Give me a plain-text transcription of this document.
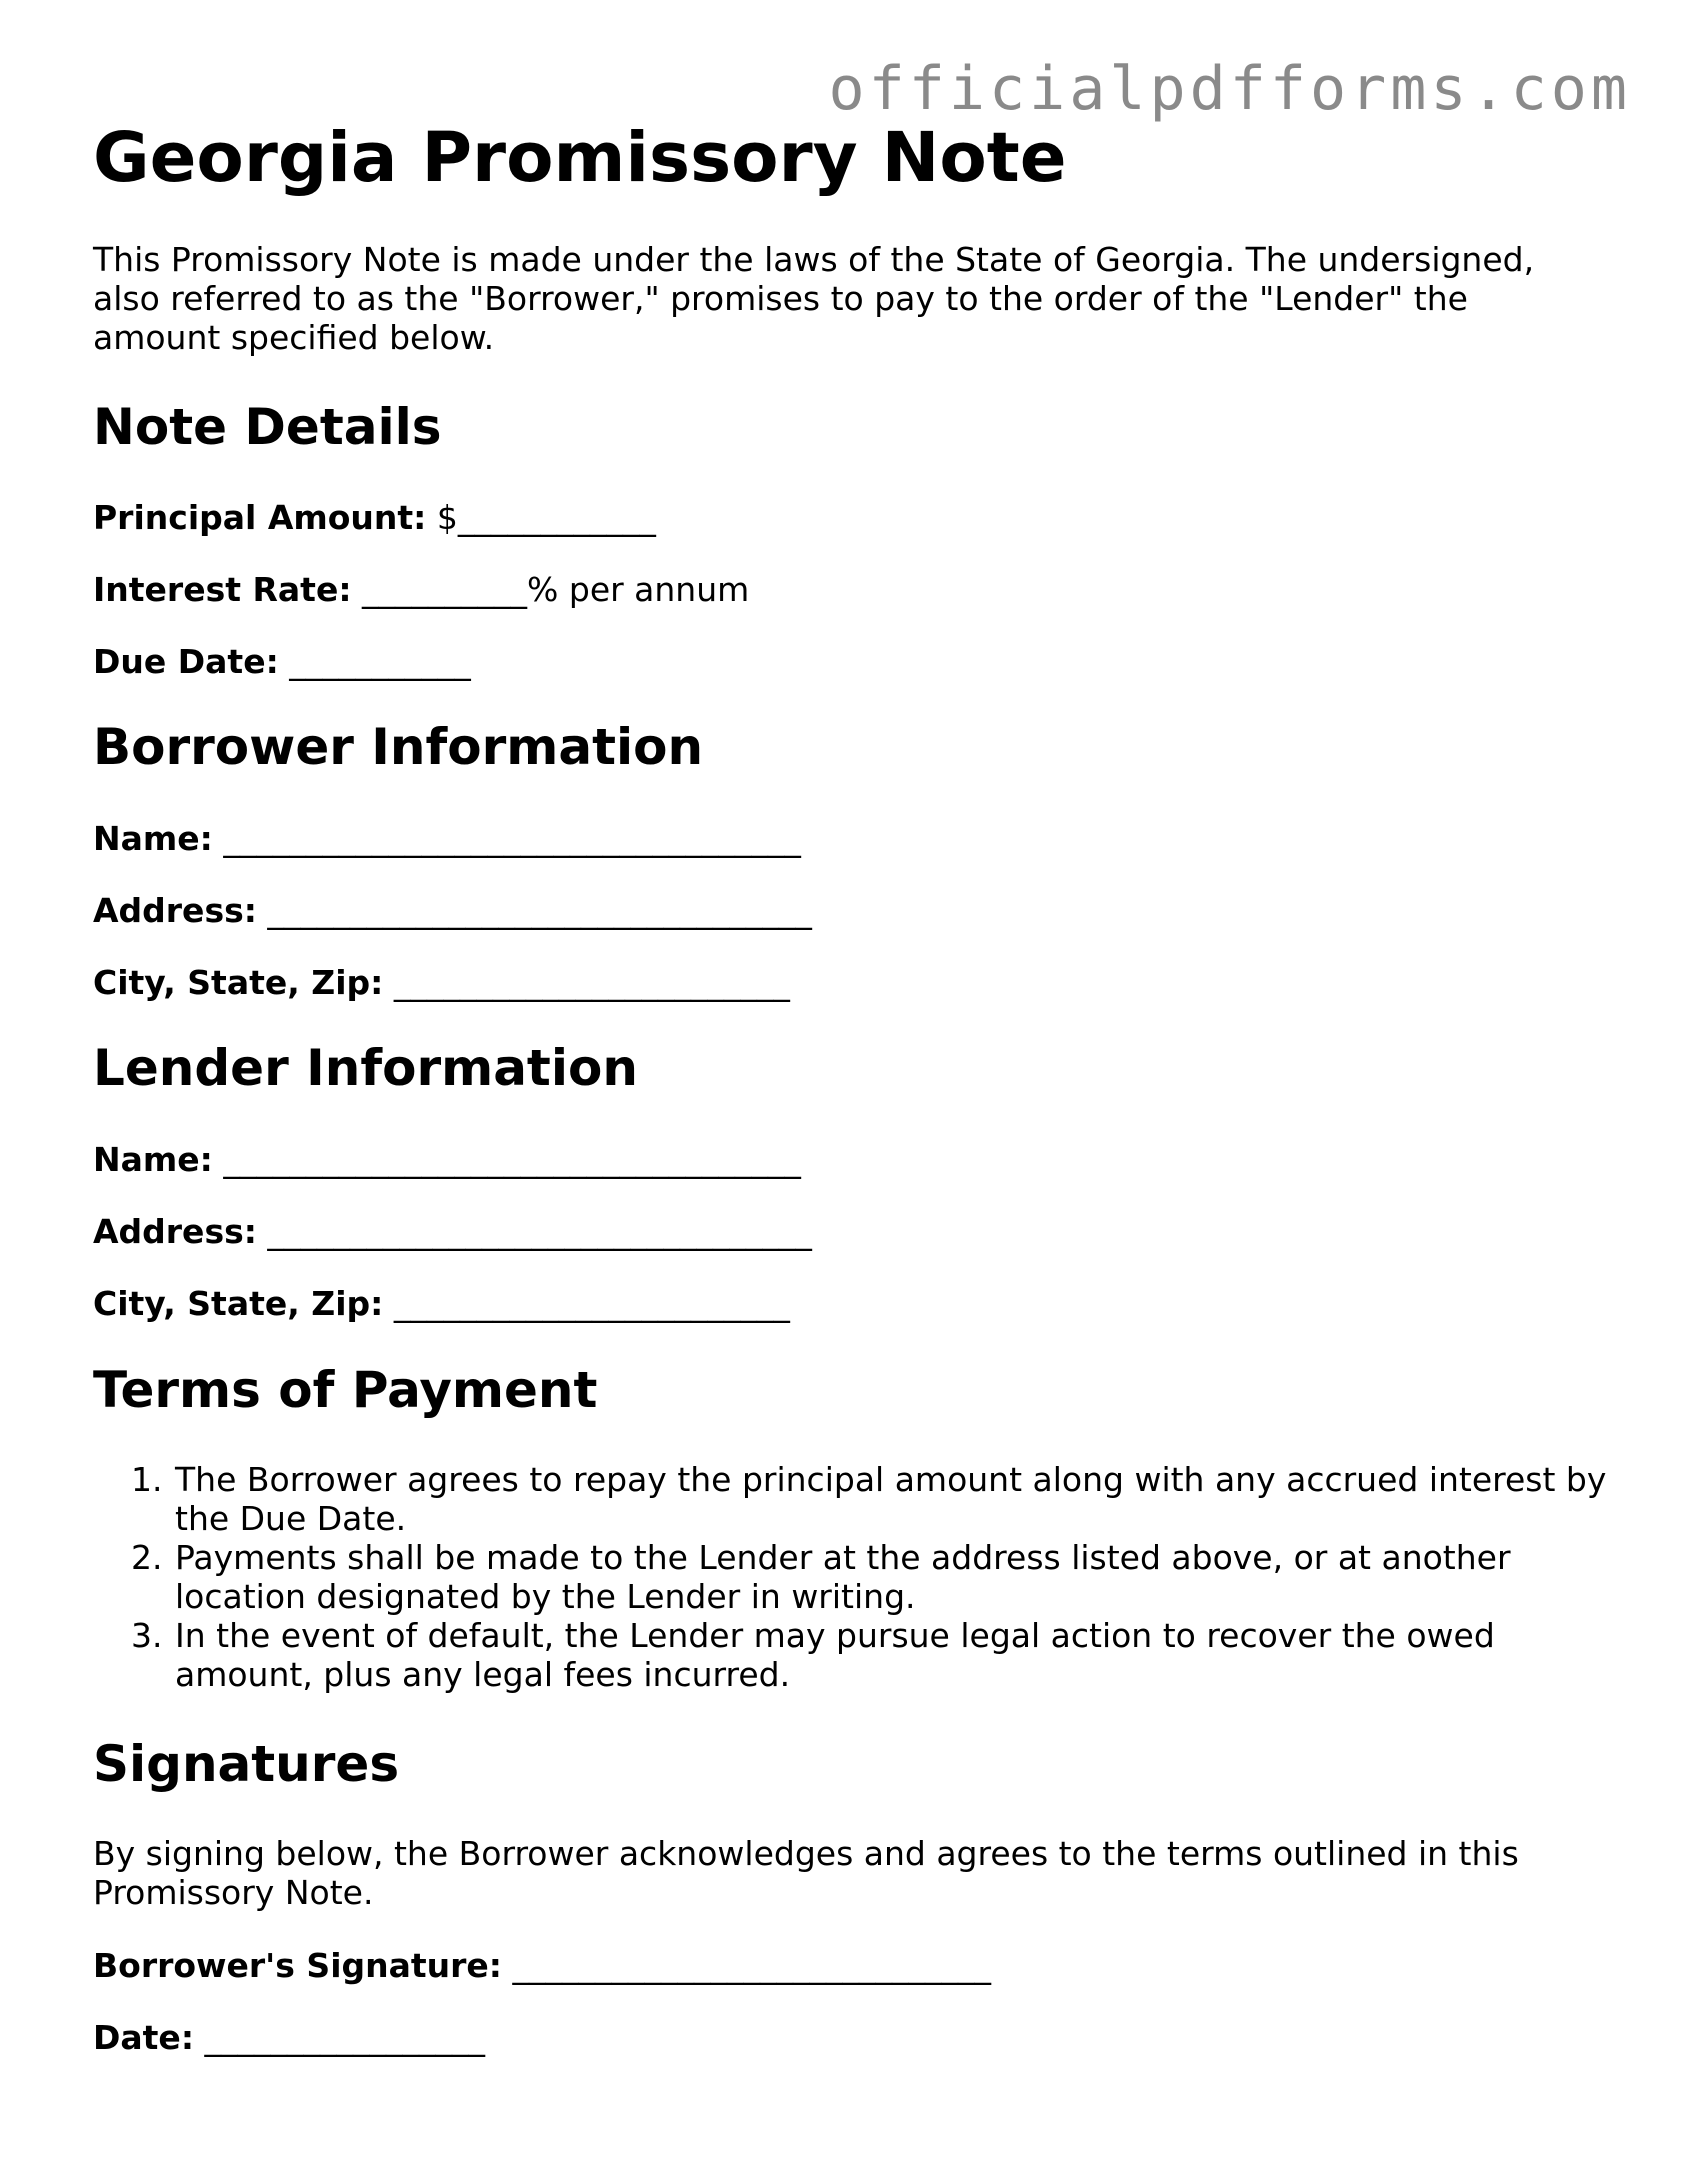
officialpdfforms.com
Georgia Promissory Note

This Promissory Note is made under the laws of the State of Georgia. The undersigned, also referred to as the "Borrower," promises to pay to the order of the "Lender" the amount specified below.

Note Details

Principal Amount: $____________

Interest Rate: __________% per annum

Due Date: ___________

Borrower Information

Name: ___________________________________

Address: _________________________________

City, State, Zip: ________________________

Lender Information

Name: ___________________________________

Address: _________________________________

City, State, Zip: ________________________

Terms of Payment
1. The Borrower agrees to repay the principal amount along with any accrued interest by the Due Date.
2. Payments shall be made to the Lender at the address listed above, or at another location designated by the Lender in writing.
3. In the event of default, the Lender may pursue legal action to recover the owed amount, plus any legal fees incurred.
Signatures

By signing below, the Borrower acknowledges and agrees to the terms outlined in this Promissory Note.

Borrower's Signature: _____________________________

Date: _________________
